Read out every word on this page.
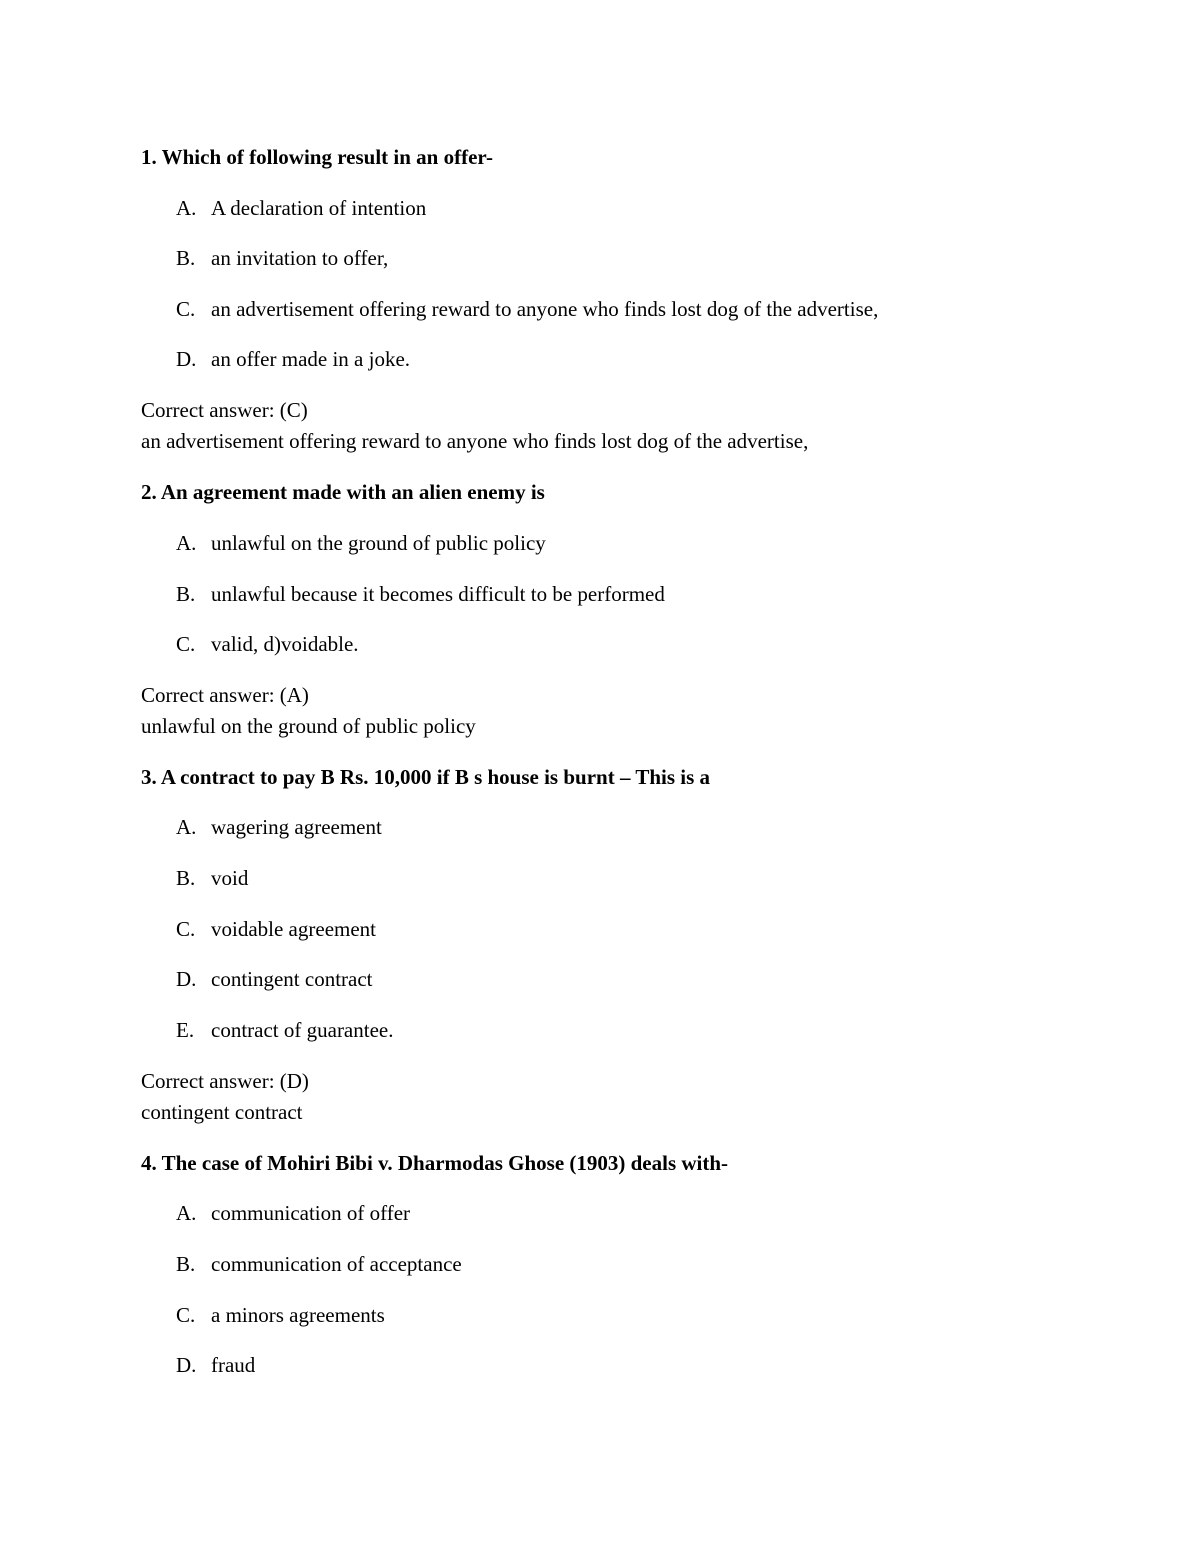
1. Which of following result in an offer-
A. A declaration of intention
B. an invitation to offer,
C. an advertisement offering reward to anyone who finds lost dog of the advertise,
D. an offer made in a joke.
Correct answer: (C)
an advertisement offering reward to anyone who finds lost dog of the advertise,
2. An agreement made with an alien enemy is
A. unlawful on the ground of public policy
B. unlawful because it becomes difficult to be performed
C. valid, d)voidable.
Correct answer: (A)
unlawful on the ground of public policy
3. A contract to pay B Rs. 10,000 if B s house is burnt – This is a
A. wagering agreement
B. void
C. voidable agreement
D. contingent contract
E. contract of guarantee.
Correct answer: (D)
contingent contract
4. The case of Mohiri Bibi v. Dharmodas Ghose (1903) deals with-
A. communication of offer
B. communication of acceptance
C. a minors agreements
D. fraud
